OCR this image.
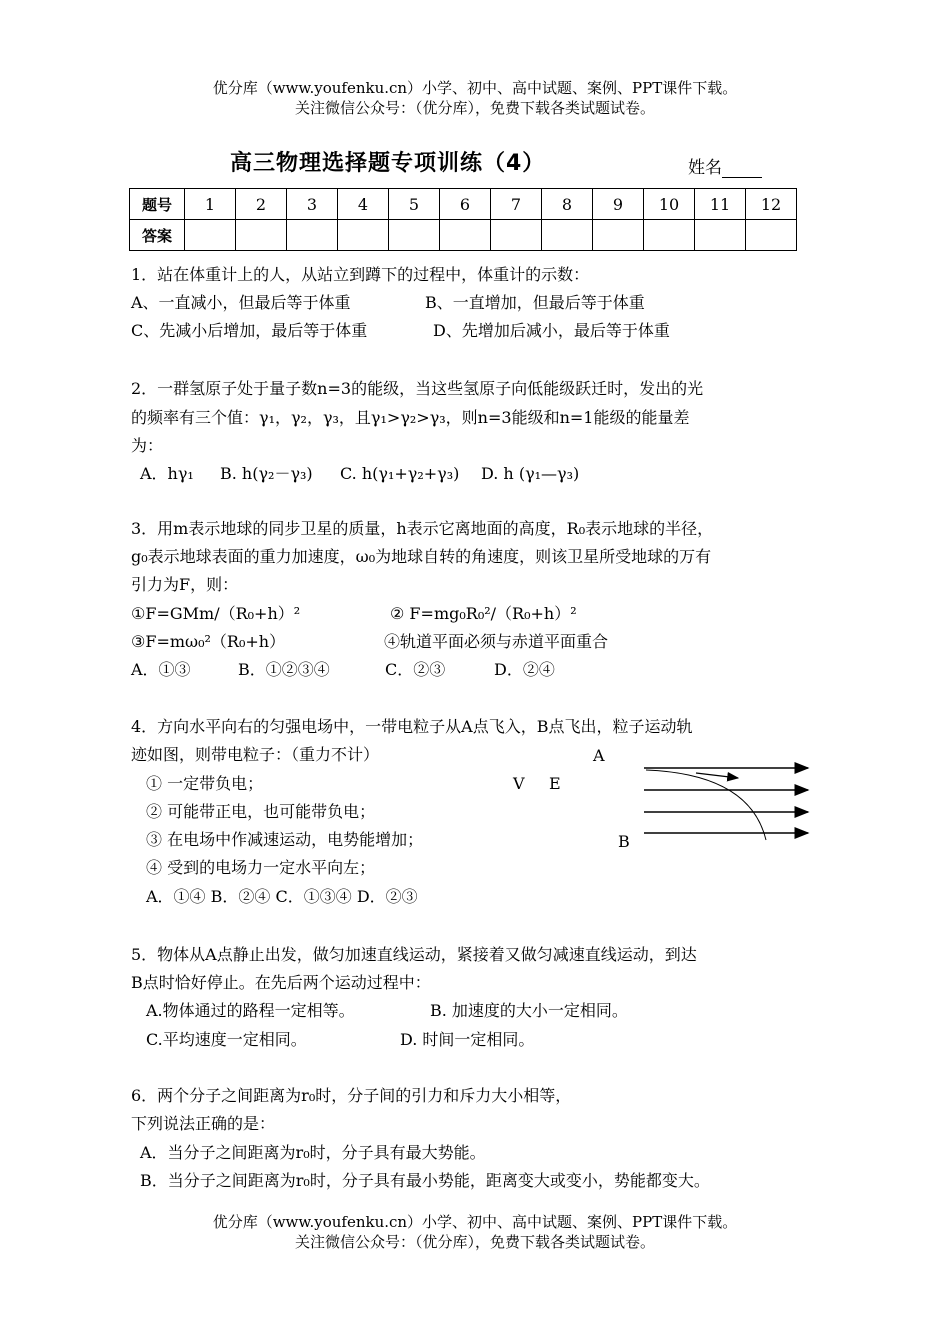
优分库（www.youfenku.cn）小学、初中、高中试题、案例、PPT课件下载。
关注微信公众号：（优分库），免费下载各类试题试卷。
高三物理选择题专项训练（4）	姓名
题号	1	2	3	4	5	6	7	8	9	10	11	12
答案												
1．站在体重计上的人，从站立到蹲下的过程中，体重计的示数：
A、一直减小，但最后等于体重	B、一直增加，但最后等于体重
C、先减小后增加，最后等于体重	D、先增加后减小，最后等于体重
2．一群氢原子处于量子数n=3的能级，当这些氢原子向低能级跃迁时，发出的光
的频率有三个值：γ₁，γ₂，γ₃，且γ₁>γ₂>γ₃，则n=3能级和n=1能级的能量差
为：
A．hγ₁ B. h(γ₂－γ₃) C. h(γ₁+γ₂+γ₃) D. h (γ₁—γ₃)
3．用m表示地球的同步卫星的质量，h表示它离地面的高度，R₀表示地球的半径，
g₀表示地球表面的重力加速度，ω₀为地球自转的角速度，则该卫星所受地球的万有
引力为F，则：
①F=GMm/（R₀+h）²	② F=mg₀R₀²/（R₀+h）²
③F=mω₀²（R₀+h）	④轨道平面必须与赤道平面重合
A．①③	B．①②③④	C．②③	D．②④
4．方向水平向右的匀强电场中，一带电粒子从A点飞入，B点飞出，粒子运动轨
迹如图，则带电粒子：（重力不计）
① 一定带负电；
② 可能带正电，也可能带负电；
③ 在电场中作减速运动，电势能增加；
④ 受到的电场力一定水平向左；
A．①④ B．②④ C．①③④ D．②③
A
V E
B
5．物体从A点静止出发，做匀加速直线运动，紧接着又做匀减速直线运动，到达
B点时恰好停止。在先后两个运动过程中：
A.物体通过的路程一定相等。	B. 加速度的大小一定相同。
C.平均速度一定相同。	D. 时间一定相同。
6．两个分子之间距离为r₀时，分子间的引力和斥力大小相等，
下列说法正确的是：
A．当分子之间距离为r₀时，分子具有最大势能。
B．当分子之间距离为r₀时，分子具有最小势能，距离变大或变小，势能都变大。
优分库（www.youfenku.cn）小学、初中、高中试题、案例、PPT课件下载。
关注微信公众号：（优分库），免费下载各类试题试卷。
